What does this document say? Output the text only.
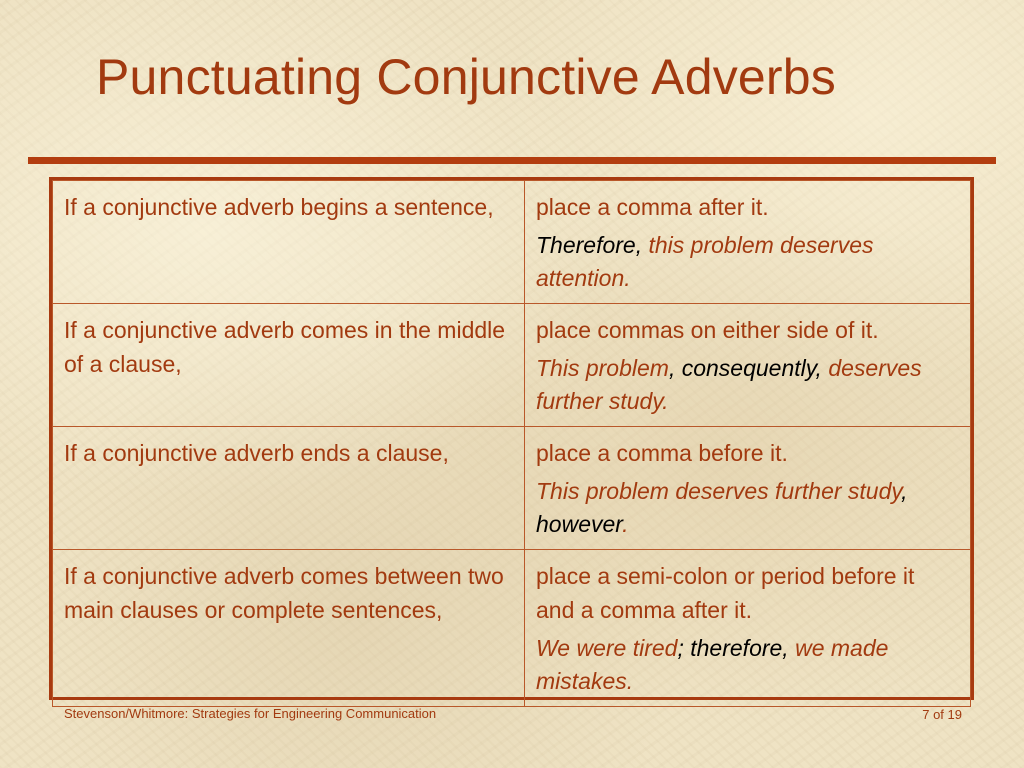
Punctuating Conjunctive Adverbs
If a conjunctive adverb begins a sentence,	place a comma after it.

Therefore, this problem deserves attention.

If a conjunctive adverb comes in the middle of a clause,	place commas on either side of it.

This problem, consequently, deserves further study.

If a conjunctive adverb ends a clause,	place a comma before it.

This problem deserves further study, however.

If a conjunctive adverb comes between two main clauses or complete sentences,	place a semi-colon or period before it and a comma after it.

We were tired; therefore, we made mistakes.

Stevenson/Whitmore: Strategies for Engineering Communication	7 of 19
